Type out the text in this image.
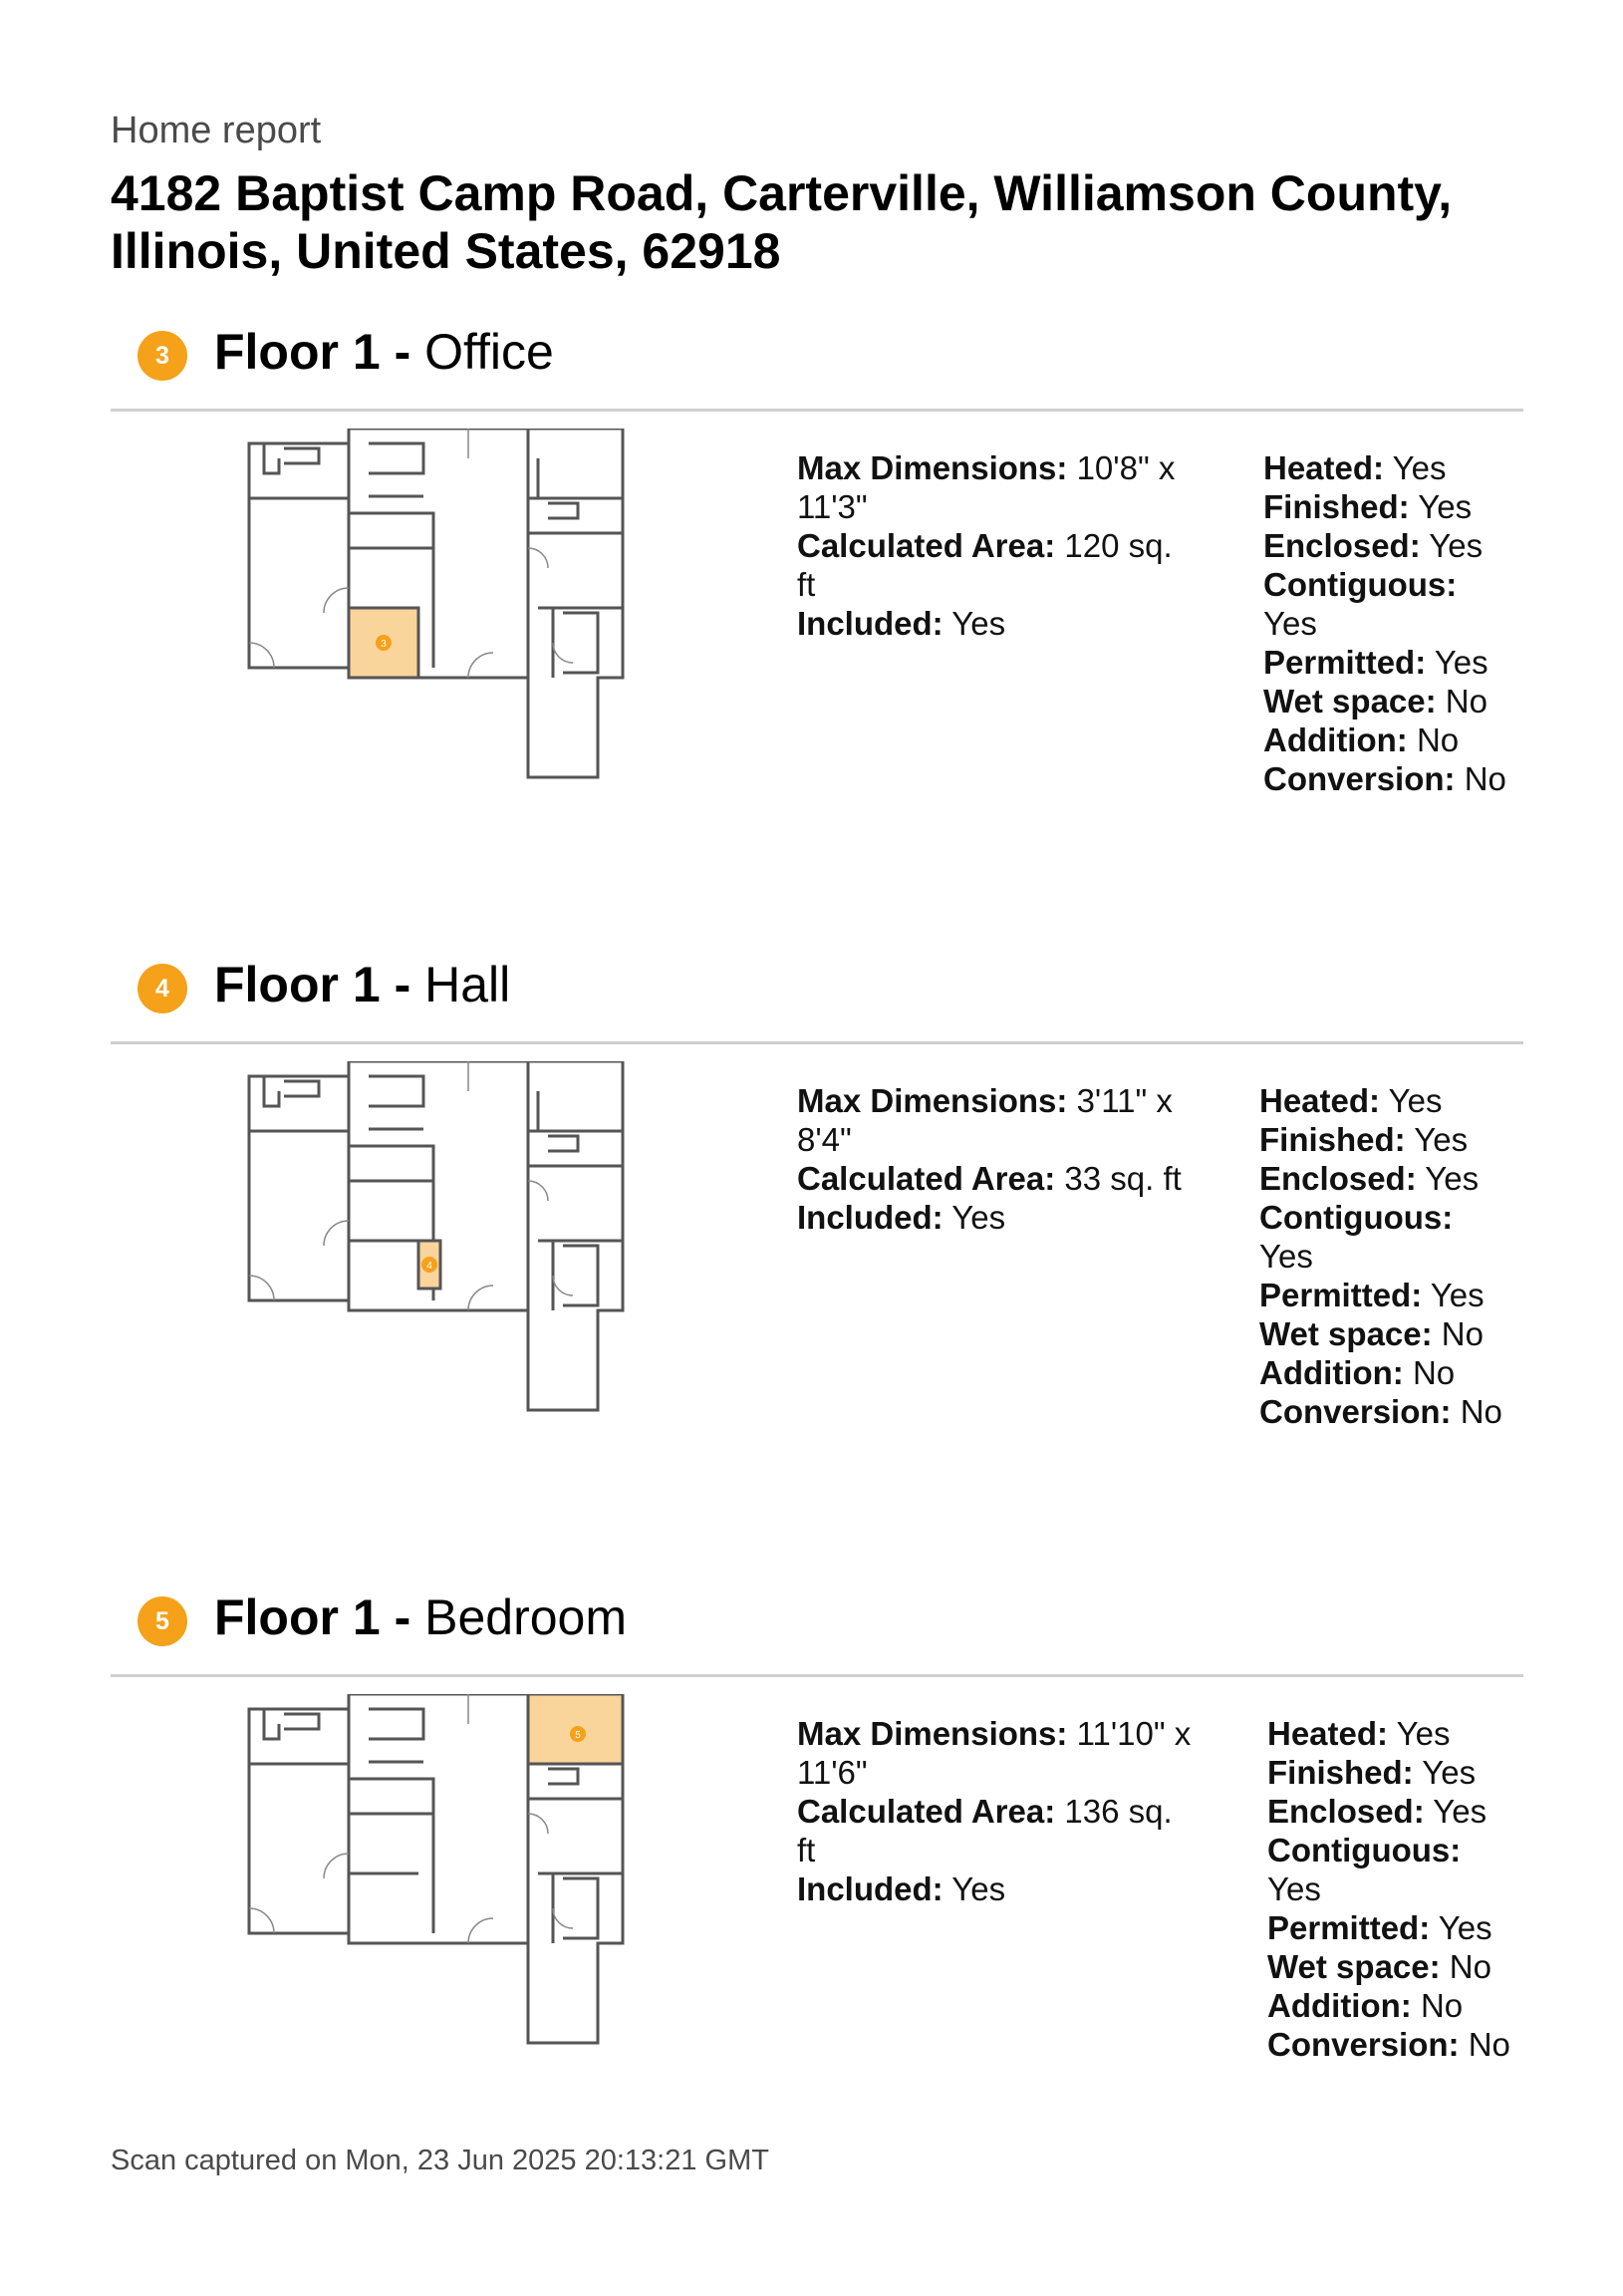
Home report
4182 Baptist Camp Road, Carterville, Williamson County, Illinois, United States, 62918
3 Floor 1 - Office
3
Max Dimensions: 10'8" x 11'3"
Calculated Area: 120 sq. ft
Included: Yes
Heated: Yes
Finished: Yes
Enclosed: Yes
Contiguous: Yes
Permitted: Yes
Wet space: No
Addition: No
Conversion: No
4 Floor 1 - Hall
4
Max Dimensions: 3'11" x 8'4"
Calculated Area: 33 sq. ft
Included: Yes
Heated: Yes
Finished: Yes
Enclosed: Yes
Contiguous: Yes
Permitted: Yes
Wet space: No
Addition: No
Conversion: No
5 Floor 1 - Bedroom
5	Max Dimensions: 11'10" x 11'6"
Calculated Area: 136 sq. ft
Included: Yes
Heated: Yes
Finished: Yes
Enclosed: Yes
Contiguous: Yes
Permitted: Yes
Wet space: No
Addition: No
Conversion: No
Scan captured on Mon, 23 Jun 2025 20:13:21 GMT
